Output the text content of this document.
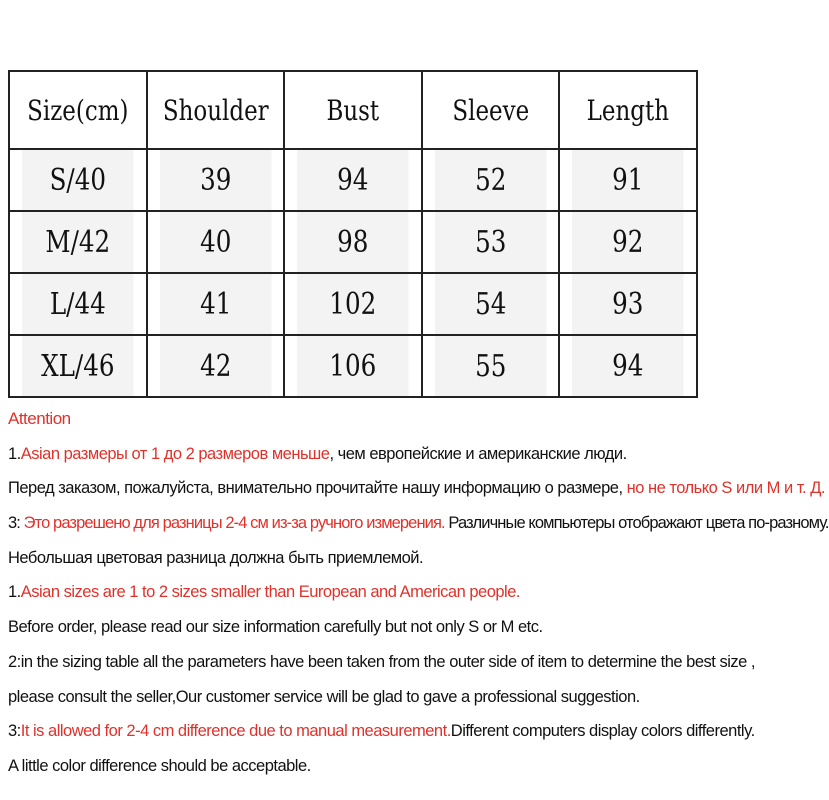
Size(cm)	Shoulder	Bust	Sleeve	Length
S/40	39	94	52	91
M/42	40	98	53	92
L/44	41	102	54	93
XL/46	42	106	55	94
Attention
1.Asian размеры от 1 до 2 размеров меньше, чем европейские и американские люди.
Перед заказом, пожалуйста, внимательно прочитайте нашу информацию о размере, но не только S или M и т. Д.
3: Это разрешено для разницы 2-4 см из-за ручного измерения. Различные компьютеры отображают цвета по-разному.
Небольшая цветовая разница должна быть приемлемой.
1.Asian sizes are 1 to 2 sizes smaller than European and American people.
Before order, please read our size information carefully but not only S or M etc.
2:in the sizing table all the parameters have been taken from the outer side of item to determine the best size ,
please consult the seller,Our customer service will be glad to gave a professional suggestion.
3:It is allowed for 2-4 cm difference due to manual measurement.Different computers display colors differently.
A little color difference should be acceptable.
